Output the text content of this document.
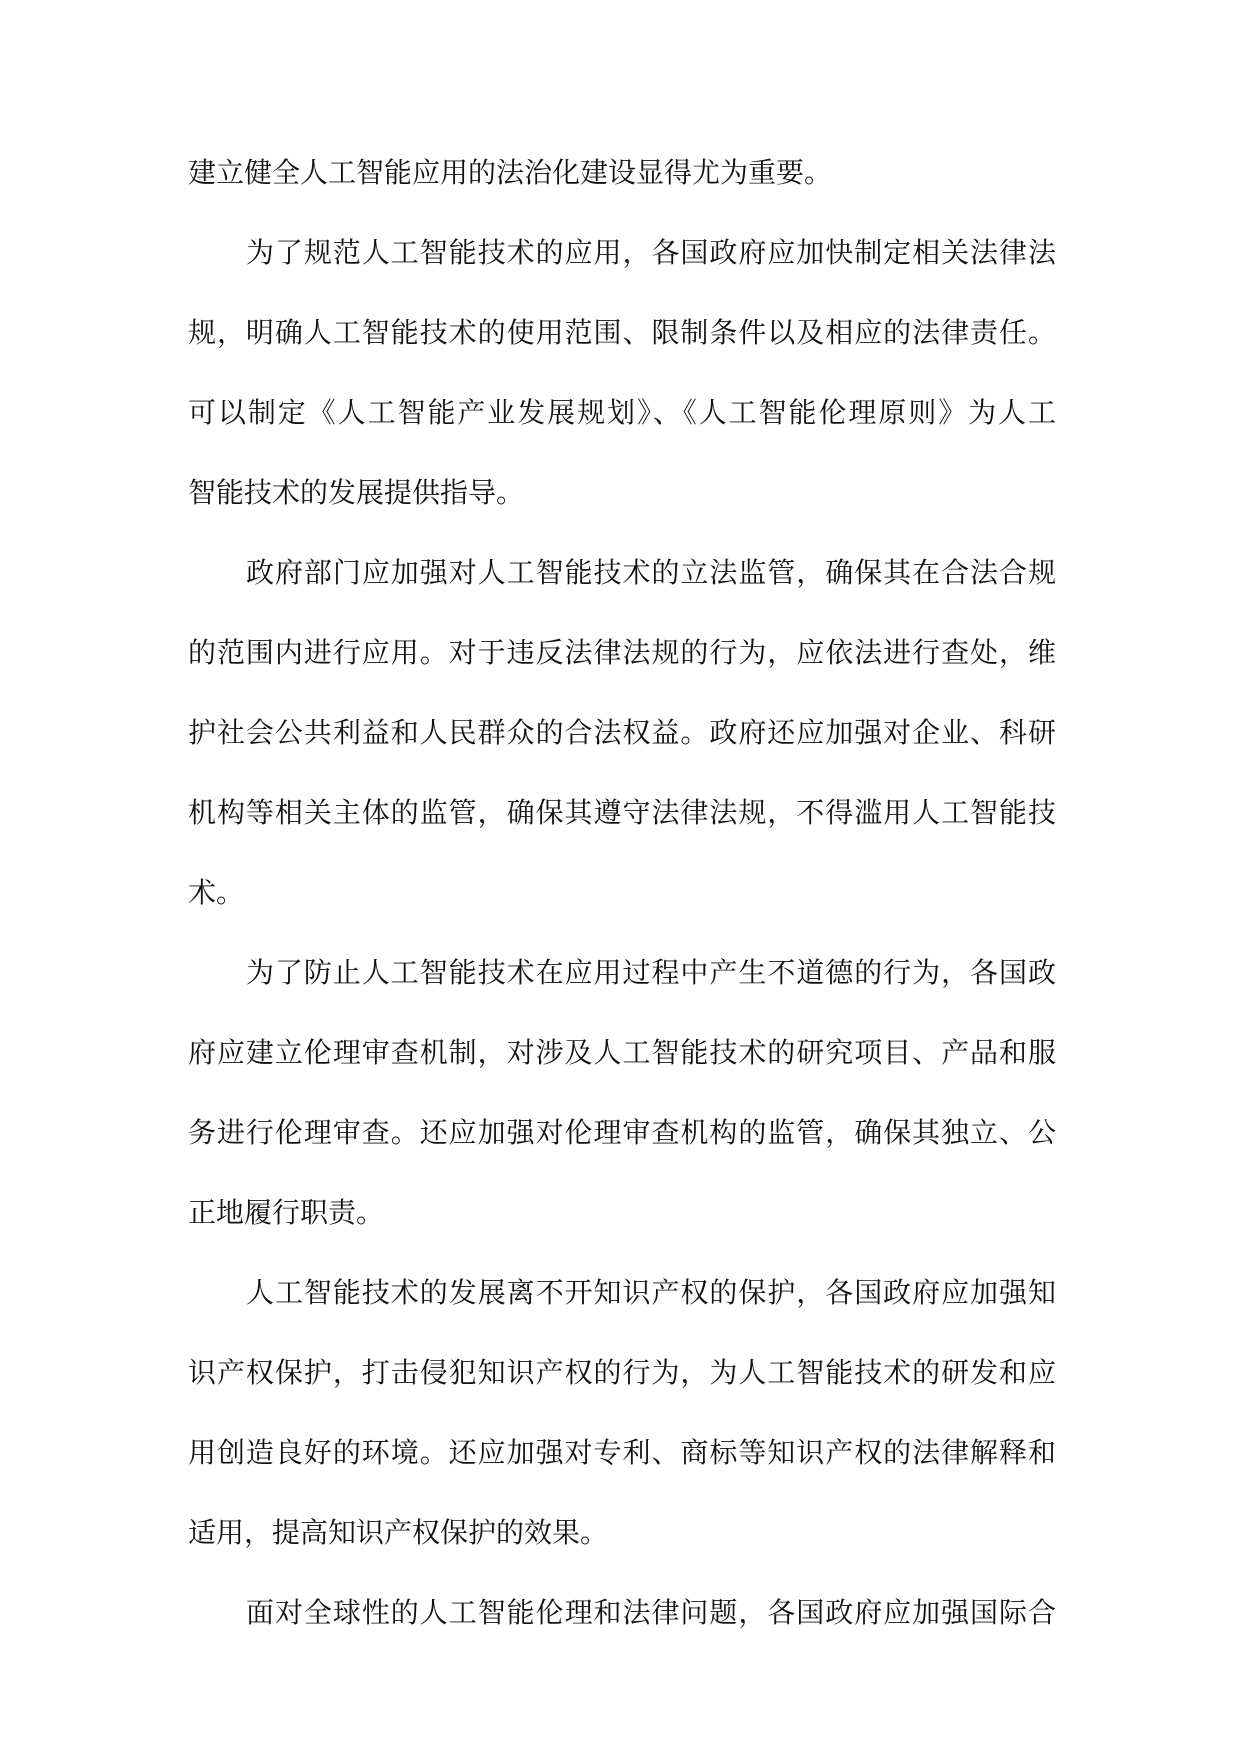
建立健全人工智能应用的法治化建设显得尤为重要。
为了规范人工智能技术的应用，各国政府应加快制定相关法律法
规，明确人工智能技术的使用范围、限制条件以及相应的法律责任。
可以制定《人工智能产业发展规划》、《人工智能伦理原则》为人工
智能技术的发展提供指导。
政府部门应加强对人工智能技术的立法监管，确保其在合法合规
的范围内进行应用。对于违反法律法规的行为，应依法进行查处，维
护社会公共利益和人民群众的合法权益。政府还应加强对企业、科研
机构等相关主体的监管，确保其遵守法律法规，不得滥用人工智能技
术。
为了防止人工智能技术在应用过程中产生不道德的行为，各国政
府应建立伦理审查机制，对涉及人工智能技术的研究项目、产品和服
务进行伦理审查。还应加强对伦理审查机构的监管，确保其独立、公
正地履行职责。
人工智能技术的发展离不开知识产权的保护，各国政府应加强知
识产权保护，打击侵犯知识产权的行为，为人工智能技术的研发和应
用创造良好的环境。还应加强对专利、商标等知识产权的法律解释和
适用，提高知识产权保护的效果。
面对全球性的人工智能伦理和法律问题，各国政府应加强国际合
